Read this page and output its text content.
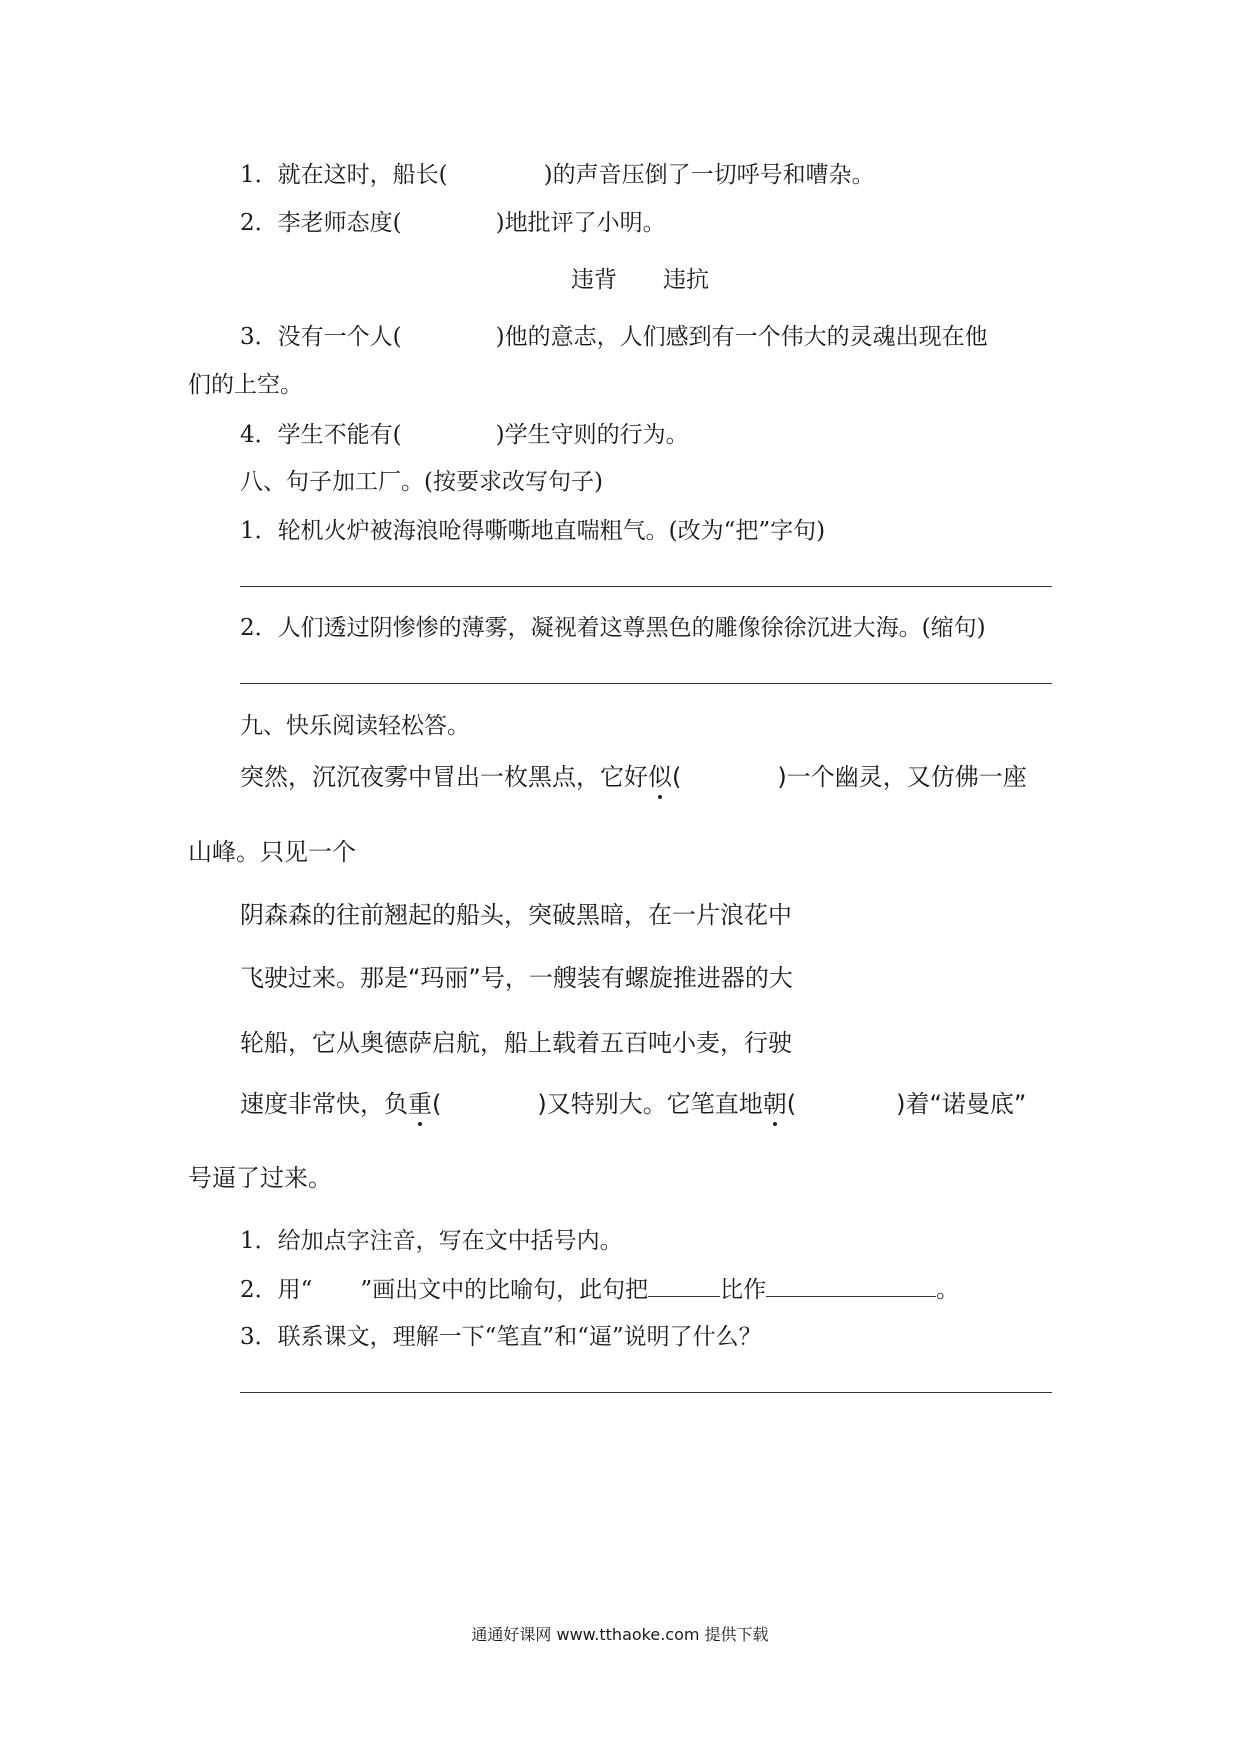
1．就在这时，船长(	)的声音压倒了一切呼号和嘈杂。
2．李老师态度(	)地批评了小明。
违背　　违抗
3．没有一个人(	)他的意志，人们感到有一个伟大的灵魂出现在他
们的上空。
4．学生不能有(	)学生守则的行为。
八、句子加工厂。(按要求改写句子)
1．轮机火炉被海浪呛得嘶嘶地直喘粗气。(改为“把”字句)
2．人们透过阴惨惨的薄雾，凝视着这尊黑色的雕像徐徐沉进大海。(缩句)
九、快乐阅读轻松答。
突然，沉沉夜雾中冒出一枚黑点，它好似(	)一个幽灵，又仿佛一座
山峰。只见一个
阴森森的往前翘起的船头，突破黑暗，在一片浪花中
飞驶过来。那是“玛丽”号，一艘装有螺旋推进器的大
轮船，它从奥德萨启航，船上载着五百吨小麦，行驶
速度非常快，负重(	)又特别大。它笔直地朝(	)着“诺曼底”
号逼了过来。
1．给加点字注音，写在文中括号内。
2．用“ ”画出文中的比喻句，此句把	比作	。
3．联系课文，理解一下“笔直”和“逼”说明了什么？
通通好课网 www.tthaoke.com 提供下载
